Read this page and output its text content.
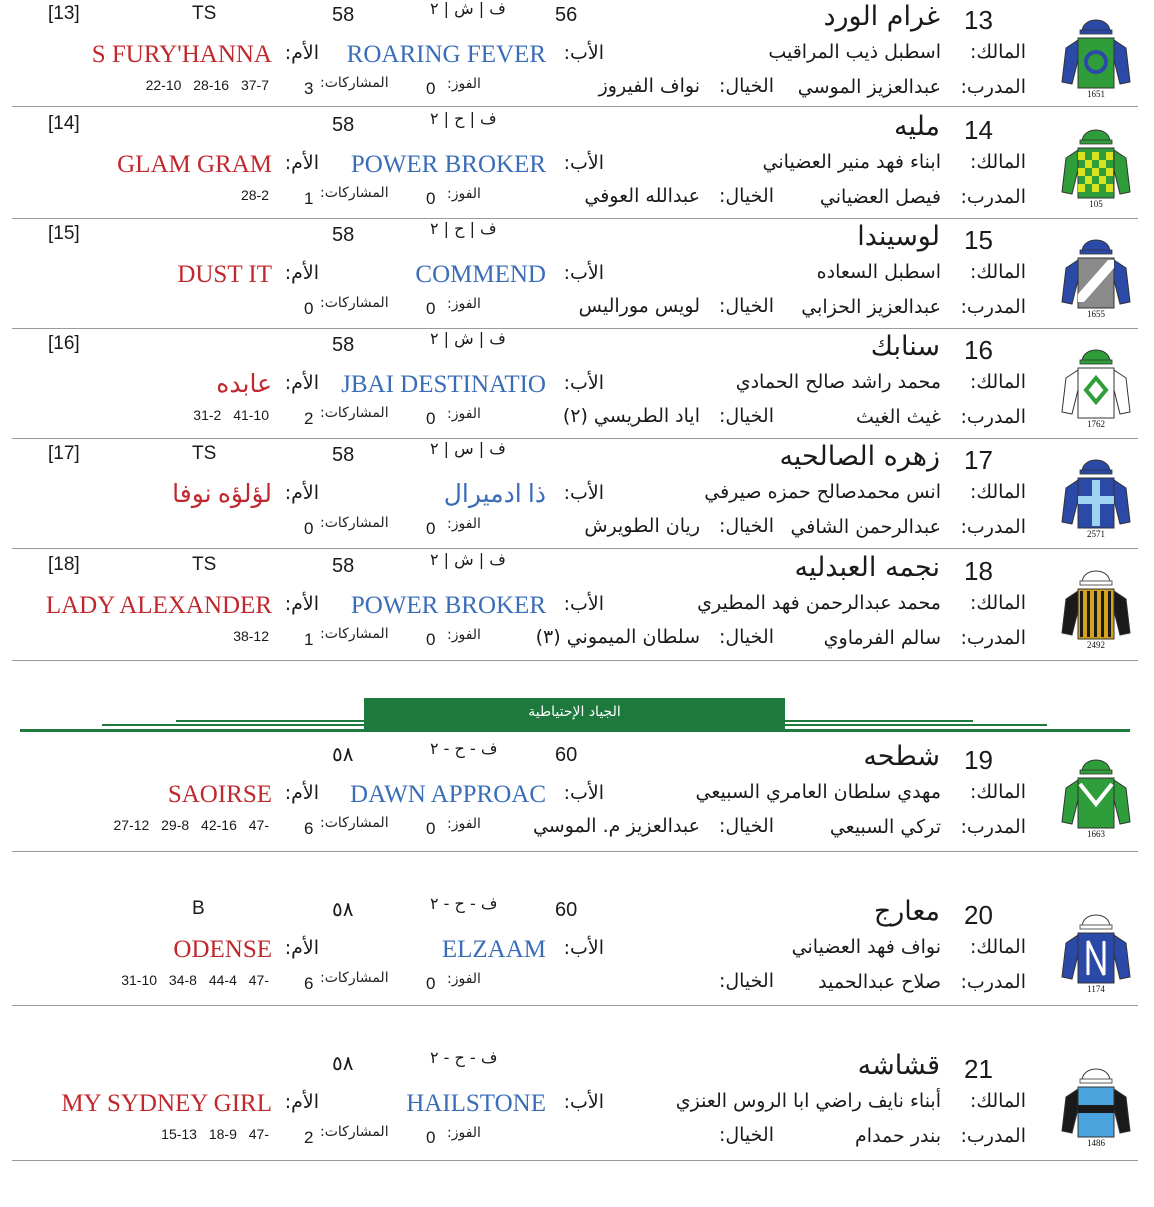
[13]	TS	58	ف | ش | ٢ 56	13
غرام الورد
المالك:
اسطبل ذيب المراقيب
الأب:
ROARING FEVER
الأم:
S FURY'HANNA
المدرب:
عبدالعزيز الموسي
الخيال:
نواف الفيروز
الفوز:
0
المشاركات:
3
22-10 28-16 37-7
1651
[14]	58	ف | ح | ٢	14
مليه
المالك:
ابناء فهد منير العضياني
الأب:
POWER BROKER
الأم:
GLAM GRAM
المدرب:
فيصل العضياني
الخيال:
عبدالله العوفي
الفوز:
0
المشاركات:
1
28-2
105
[15]	58	ف | ح | ٢	15
لوسيندا
المالك:
اسطبل السعاده
الأب:
COMMEND
الأم:
DUST IT
المدرب:
عبدالعزيز الحزابي
الخيال:
لويس موراليس
الفوز:
0
المشاركات:
0	1655
[16]	58	ف | ش | ٢	16
سنابك
المالك:
محمد راشد صالح الحمادي
الأب:
JBAI DESTINATIO
الأم:
عابده
المدرب:
غيث الغيث
الخيال:
اياد الطريسي (٢)
الفوز:
0
المشاركات:
2
31-2 41-10
1762
[17]	TS	58	ف | س | ٢	17
زهره الصالحيه
المالك:
انس محمدصالح حمزه صيرفي
الأب:
ذا ادميرال
الأم:
لؤلؤه نوفا
المدرب:
عبدالرحمن الشافي
الخيال:
ريان الطويرش
الفوز:
0
المشاركات:
0	2571
[18]	TS	58	ف | ش | ٢	18
نجمه العبدليه
المالك:
محمد عبدالرحمن فهد المطيري
الأب:
POWER BROKER
الأم:
LADY ALEXANDER
المدرب:
سالم الفرماوي
الخيال:
سلطان الميموني (٣)
الفوز:
0
المشاركات:
1
38-12
2492
٥٨	ف - ح - ٢	60	19
شطحه
المالك:
مهدي سلطان العامري السبيعي
الأب:
DAWN APPROAC
الأم:
SAOIRSE
المدرب:
تركي السبيعي
الخيال:
عبدالعزيز م. الموسي
الفوز:
0
المشاركات:
6
27-12 29-8 42-16 47-
1663
B	٥٨	ف - ح - ٢	60	20
معارج
المالك:
نواف فهد العضياني
الأب:
ELZAAM
الأم:
ODENSE
المدرب:
صلاح عبدالحميد
الخيال:
الفوز:
0
المشاركات:
6
31-10 34-8 44-4 47-
1174
٥٨	ف - ح - ٢	21
قشاشه
المالك:
أبناء نايف راضي ابا الروس العنزي
الأب:
HAILSTONE
الأم:
MY SYDNEY GIRL
المدرب:
بندر حمدام
الخيال:
الفوز:
0
المشاركات:
2
15-13 18-9 47-
1486
الجياد الإحتياطية
